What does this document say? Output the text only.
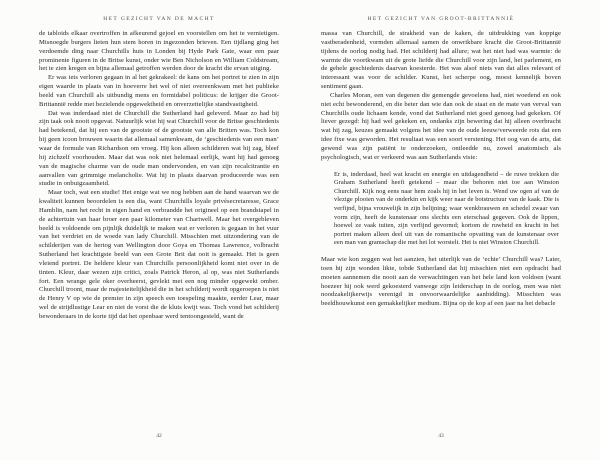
HET GEZICHT VAN DE MACHT

de tabloids elkaar overtroffen in afkeurend gejoel en voorstellen om het te vernietigen. Misnoegde burgers lieten hun stem horen in ingezonden brieven. Een tijdlang ging het verdoemde ding naar Churchills huis in Londen bij Hyde Park Gate, waar een paar prominente figuren in de Britse kunst, onder wie Ben Nicholson en William Coldstream, het te zien kregen en bijna allemaal getroffen werden door de kracht die ervan uitging.

Er was iets verloren gegaan in al het gekrakeel: de kans om het portret te zien in zijn eigen waarde in plaats van in hoeverre het wel of niet overeenkwam met het publieke beeld van Churchill als uitbundig mens en formidabel politicus: de krijger die Groot-Brittannië redde met bezielende opgewektheid en onverzettelijke standvastigheid.

Dat was inderdaad niet de Churchill die Sutherland had geleverd. Maar zo had hij zijn taak ook nooit opgevat. Natuurlijk wist hij wat Churchill voor de Britse geschiedenis had betekend, dat hij een van de grootste of de grootste van alle Britten was. Toch kon hij geen icoon brouwen waarin dat allemaal samenkwam, de ‘geschiedenis van een man’ waar de formule van Richardson om vroeg. Hij kon alleen schilderen wat hij zag, bleef hij zichzelf voorhouden. Maar dat was ook niet helemaal eerlijk, want hij had genoeg van de magische charme van de oude man ondervonden, en van zijn recalcitrantie en aanvallen van grimmige melancholie. Wat hij in plaats daarvan produceerde was een studie in onbuigzaamheid.

Maar toch, wat een studie! Het enige wat we nog hebben aan de hand waarvan we de kwaliteit kunnen beoordelen is een dia, want Churchills loyale privésecretaresse, Grace Hamblin, nam het recht in eigen hand en verbrandde het origineel op een brandstapel in de achtertuin van haar broer een paar kilometer van Chartwell. Maar het overgebleven beeld is voldoende om pijnlijk duidelijk te maken wat er verloren is gegaan in het vuur van het verdriet en de woede van lady Churchill. Misschien met uitzondering van de schilderijen van de hertog van Wellington door Goya en Thomas Lawrence, volbracht Sutherland het krachtigste beeld van een Grote Brit dat ooit is gemaakt. Het is geen vleiend portret. De heldere kleur van Churchills persoonlijkheid komt niet over in de tinten. Kleur, daar wezen zijn critici, zoals Patrick Heron, al op, was niet Sutherlands fort. Een wrange gele oker overheerst, gevlekt met een nog minder opgewekt omber. Churchill troont, maar de majesteitelijkheid die in het schilderij wordt opgeroepen is niet de Henry V op wie de premier in zijn speech een toespeling maakte, eerder Lear, maar wel de strijdlustige Lear en niet de vorst die de kluts kwijt was. Toch vond het schilderij bewonderaars in de korte tijd dat het openbaar werd tentoongesteld, want de

42
HET GEZICHT VAN GROOT-BRITTANNIË

massa van Churchill, de strakheid van de kaken, de uitdrukking van koppige vastberadenheid, vormden allemaal samen de onwrikbare kracht die Groot-Brittannië tijdens de oorlog nodig had. Het schilderij had allure; wat het niet had was warmte: de warmte die voortkwam uit de grote liefde die Churchill voor zijn land, het parlement, en de gehele geschiedenis daarvan koesterde. Het was alsof niets van dat alles relevant of interessant was voor de schilder. Kunst, het scherpe oog, moest kennelijk boven sentiment gaan.

Charles Moran, een van degenen die gemengde gevoelens had, niet woedend en ook niet echt bewonderend, en die beter dan wie dan ook de staat en de mate van verval van Churchills oude lichaam kende, vond dat Sutherland niet goed genoeg had gekeken. Of liever gezegd: hij had wel gekeken en, ondanks zijn bewering dat hij alleen overbracht wat hij zag, keuzes gemaakt volgens het idee van de oude leeuw/verweerde rots dat een idee fixe was geworden. Het resultaat was een soort verstening. Het oog van de arts, dat gewend was zijn patiënt te onderzoeken, ontleedde nu, zowel anatomisch als psychologisch, wat er verkeerd was aan Sutherlands visie:

Er is, inderdaad, heel wat kracht en energie en uitdagendheid – de ruwe trekken die Graham Sutherland heeft getekend – maar die behoren niet toe aan Winston Churchill. Kijk nog eens naar hem zoals hij in het leven is. Wend uw ogen af van de vlezige plooien van de onderkin en kijk weer naar de botstructuur van de kaak. Die is verfijnd, bijna vrouwelijk in zijn belijning; waar wenkbrauwen en schedel zwaar van vorm zijn, heeft de kunstenaar ons slechts een eierschaal gegeven. Ook de lippen, hoewel ze vaak tuiten, zijn verfijnd gevormd; kortom de ruwheid en kracht in het portret maken alleen deel uit van de romantische opvatting van de kunstenaar over een man van gramschap die met het lot worstelt. Het is niet Winston Churchill.

Maar wie kon zeggen wat het aanzien, het uiterlijk van de ‘echte’ Churchill was? Later, toen hij zijn wonden likte, tobde Sutherland dat hij misschien niet een opdracht had moeten aannemen die nooit aan de verwachtingen van het hele land kon voldoen (want hoezeer hij ook werd gekoesterd vanwege zijn leiderschap in de oorlog, men was niet noodzakelijkerwijs verenigd in onvoorwaardelijke aanbidding). Misschien was beeldhouwkunst een gemakkelijker medium. Bijna op de kop af een jaar na het debacle

43
